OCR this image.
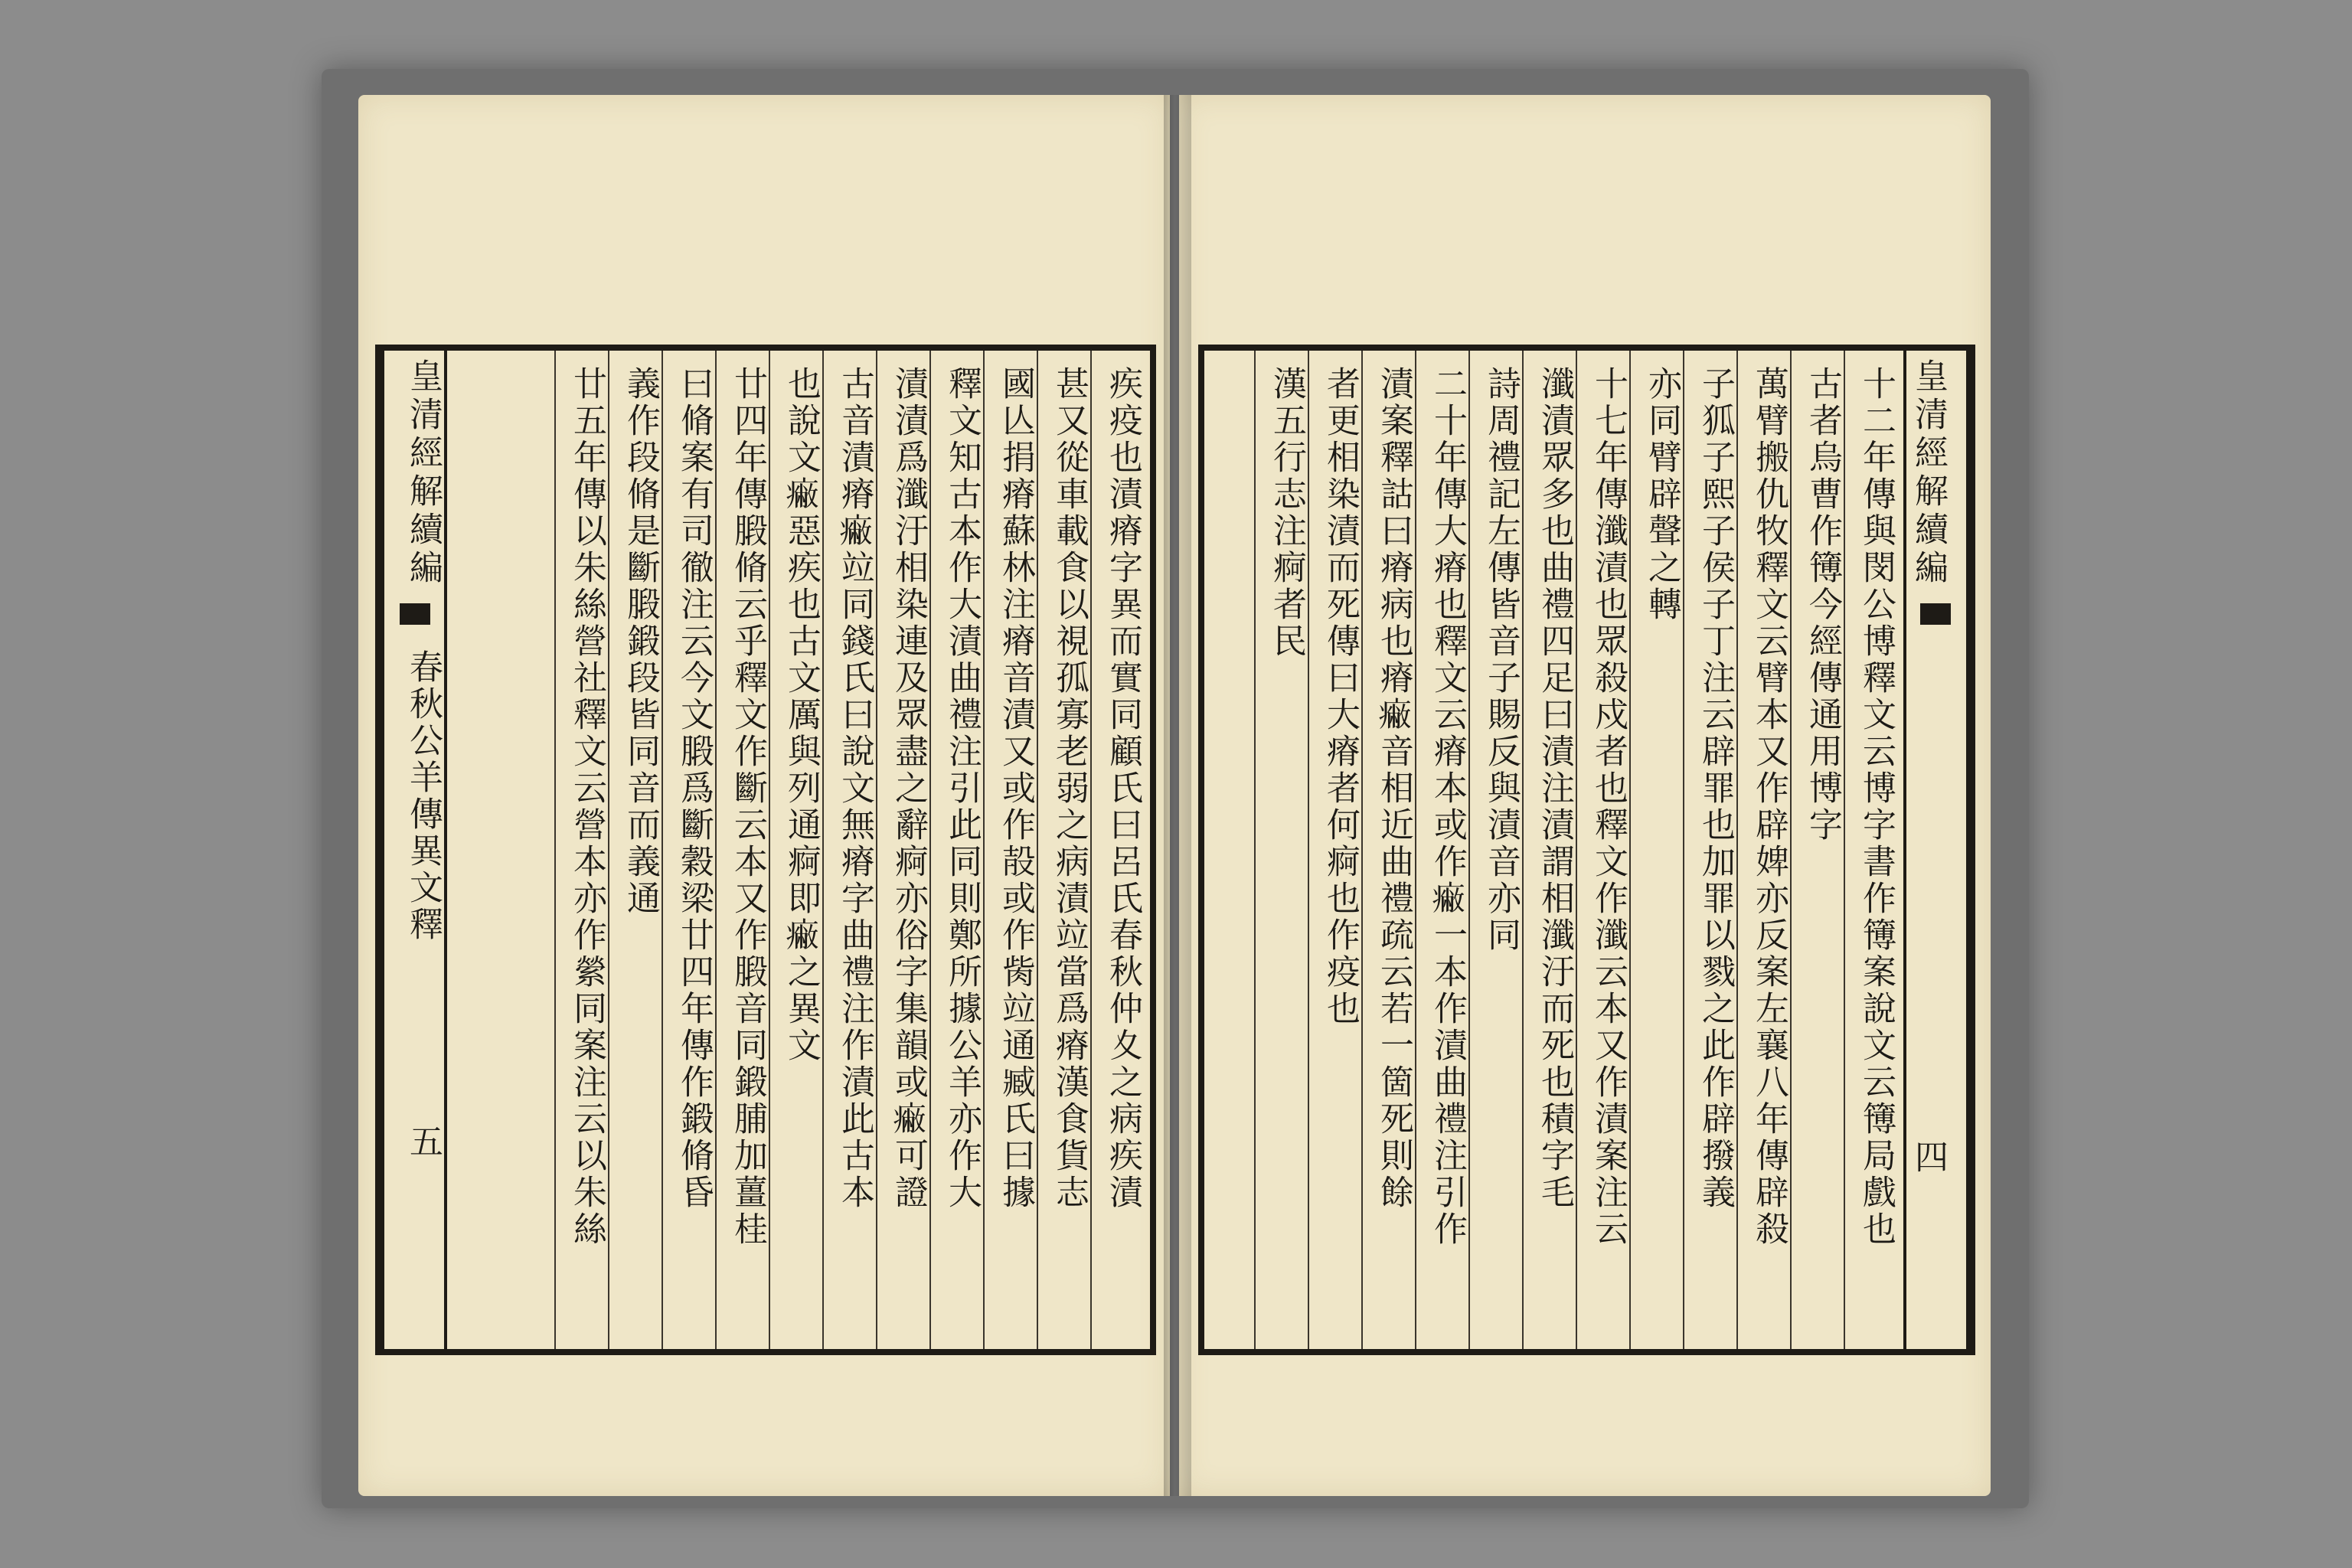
皇清經解續編
四
十二年傳與閔公博釋文云博字書作簙案說文云簙局戲也
古者烏曹作簙今經傳通用博字
萬臂搬仇牧釋文云臂本又作辟婢亦反案左襄八年傳辟殺
子狐子熙子侯子丁注云辟罪也加罪以戮之此作辟撥義
亦同臂辟聲之轉
十七年傳瀸漬也眾殺戍者也釋文作瀸云本又作漬案注云
瀸漬眾多也曲禮四足曰漬注漬謂相瀸汙而死也積字毛
詩周禮記左傳皆音子賜反與漬音亦同
二十年傳大瘠也釋文云瘠本或作𤺓一本作漬曲禮注引作
漬案釋詁曰瘠病也瘠𤺓音相近曲禮疏云若一箇死則餘
者更相染漬而死傳曰大瘠者何痾也作疫也
漢五行志注痾者民
皇清經解續編
春秋公羊傳異文釋
五	疾疫也漬瘠字異而實同顧氏曰呂氏春秋仲夊之病疾漬
甚又從車載食以視孤寡老弱之病漬竝當爲瘠漢食貨志
國亾捐瘠蘇林注瘠音漬又或作㱿或作胔竝通臧氏曰據
釋文知古本作大漬曲禮注引此同則鄭所據公羊亦作大
漬漬爲瀸汙相染連及眾盡之辭痾亦俗字集韻或𤺓可證
古音漬瘠𤺓竝同錢氏曰說文無瘠字曲禮注作漬此古本
也說文𤺓惡疾也古文厲與列通痾即𤺓之異文
廿四年傳腶脩云乎釋文作斷云本又作腶音同鍛脯加薑桂
曰脩案有司徹注云今文腶爲斷穀梁廿四年傳作鍛脩昏
義作段脩是斷腶鍛段皆同音而義通
廿五年傳以朱絲營社釋文云營本亦作縈同案注云以朱絲
